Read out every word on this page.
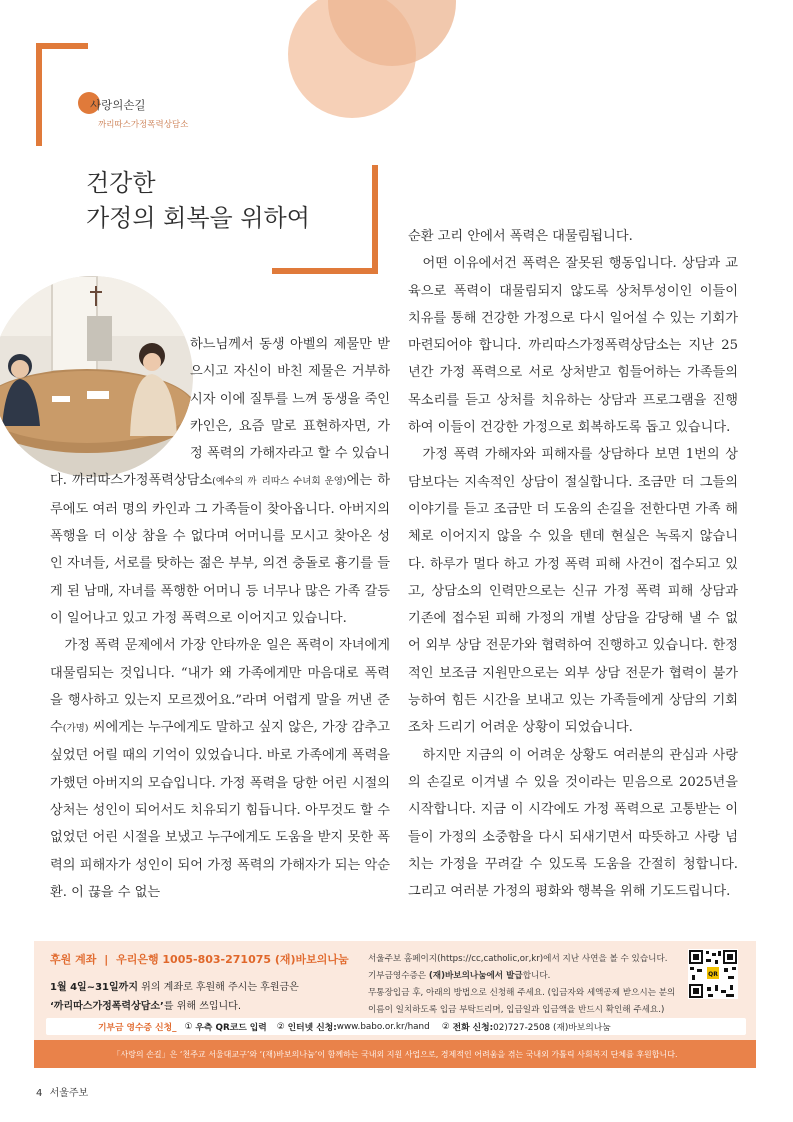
사랑의손길
까리따스가정폭력상담소
건강한
가정의 회복을 위하여

하느님께서 동생 아벨의 제물만 받으시고 자신이 바친 제물은 거부하시자 이에 질투를 느껴 동생을 죽인 카인은, 요즘 말로 표현하자면, 가정 폭력의 가해자라고 할 수 있습니다. 까리따스가정폭력상담소(예수의 까 리따스 수녀회 운영)에는 하루에도 여러 명의 카인과 그 가족들이 찾아옵니다. 아버지의 폭행을 더 이상 참을 수 없다며 어머니를 모시고 찾아온 성인 자녀들, 서로를 탓하는 젊은 부부, 의견 충돌로 흉기를 들게 된 남매, 자녀를 폭행한 어머니 등 너무나 많은 가족 갈등이 일어나고 있고 가정 폭력으로 이어지고 있습니다.

가정 폭력 문제에서 가장 안타까운 일은 폭력이 자녀에게 대물림되는 것입니다. “내가 왜 가족에게만 마음대로 폭력을 행사하고 있는지 모르겠어요.”라며 어렵게 말을 꺼낸 준수(가명) 씨에게는 누구에게도 말하고 싶지 않은, 가장 감추고 싶었던 어릴 때의 기억이 있었습니다. 바로 가족에게 폭력을 가했던 아버지의 모습입니다. 가정 폭력을 당한 어린 시절의 상처는 성인이 되어서도 치유되기 힘듭니다. 아무것도 할 수 없었던 어린 시절을 보냈고 누구에게도 도움을 받지 못한 폭력의 피해자가 성인이 되어 가정 폭력의 가해자가 되는 악순환. 이 끊을 수 없는

순환 고리 안에서 폭력은 대물림됩니다.

어떤 이유에서건 폭력은 잘못된 행동입니다. 상담과 교육으로 폭력이 대물림되지 않도록 상처투성이인 이들이 치유를 통해 건강한 가정으로 다시 일어설 수 있는 기회가 마련되어야 합니다. 까리따스가정폭력상담소는 지난 25년간 가정 폭력으로 서로 상처받고 힘들어하는 가족들의 목소리를 듣고 상처를 치유하는 상담과 프로그램을 진행하여 이들이 건강한 가정으로 회복하도록 돕고 있습니다.

가정 폭력 가해자와 피해자를 상담하다 보면 1번의 상담보다는 지속적인 상담이 절실합니다. 조금만 더 그들의 이야기를 듣고 조금만 더 도움의 손길을 전한다면 가족 해체로 이어지지 않을 수 있을 텐데 현실은 녹록지 않습니다. 하루가 멀다 하고 가정 폭력 피해 사건이 접수되고 있고, 상담소의 인력만으로는 신규 가정 폭력 피해 상담과 기존에 접수된 피해 가정의 개별 상담을 감당해 낼 수 없어 외부 상담 전문가와 협력하여 진행하고 있습니다. 한정적인 보조금 지원만으로는 외부 상담 전문가 협력이 불가능하여 힘든 시간을 보내고 있는 가족들에게 상담의 기회조차 드리기 어려운 상황이 되었습니다.

하지만 지금의 이 어려운 상황도 여러분의 관심과 사랑의 손길로 이겨낼 수 있을 것이라는 믿음으로 2025년을 시작합니다. 지금 이 시각에도 가정 폭력으로 고통받는 이들이 가정의 소중함을 다시 되새기면서 따뜻하고 사랑 넘치는 가정을 꾸려갈 수 있도록 도움을 간절히 청합니다. 그리고 여러분 가정의 평화와 행복을 위해 기도드립니다.

후원 계좌 | 우리은행 1005-803-271075 (재)바보의나눔
1월 4일~31일까지 위의 계좌로 후원해 주시는 후원금은
‘까리따스가정폭력상담소’를 위해 쓰입니다.
서울주보 홈페이지(https://cc,catholic,or,kr)에서 지난 사연을 볼 수 있습니다.
기부금영수증은 (재)바보의나눔에서 발급합니다.
무통장입금 후, 아래의 방법으로 신청해 주세요. (입금자와 세액공제 받으시는 분의
이름이 일치하도록 입금 부탁드리며, 입금일과 입금액을 반드시 확인해 주세요.)
QR
기부금 영수증 신청_ ① 우측 QR코드 입력 ② 인터넷 신청: www.babo.or.kr/hand ② 전화 신청: 02)727-2508 (재)바보의나눔
「사랑의 손길」은 ‘천주교 서울대교구’와 ‘(재)바보의나눔’이 함께하는 국내외 지원 사업으로, 경제적인 어려움을 겪는 국내외 가톨릭 사회복지 단체를 후원합니다.
4 서울주보
